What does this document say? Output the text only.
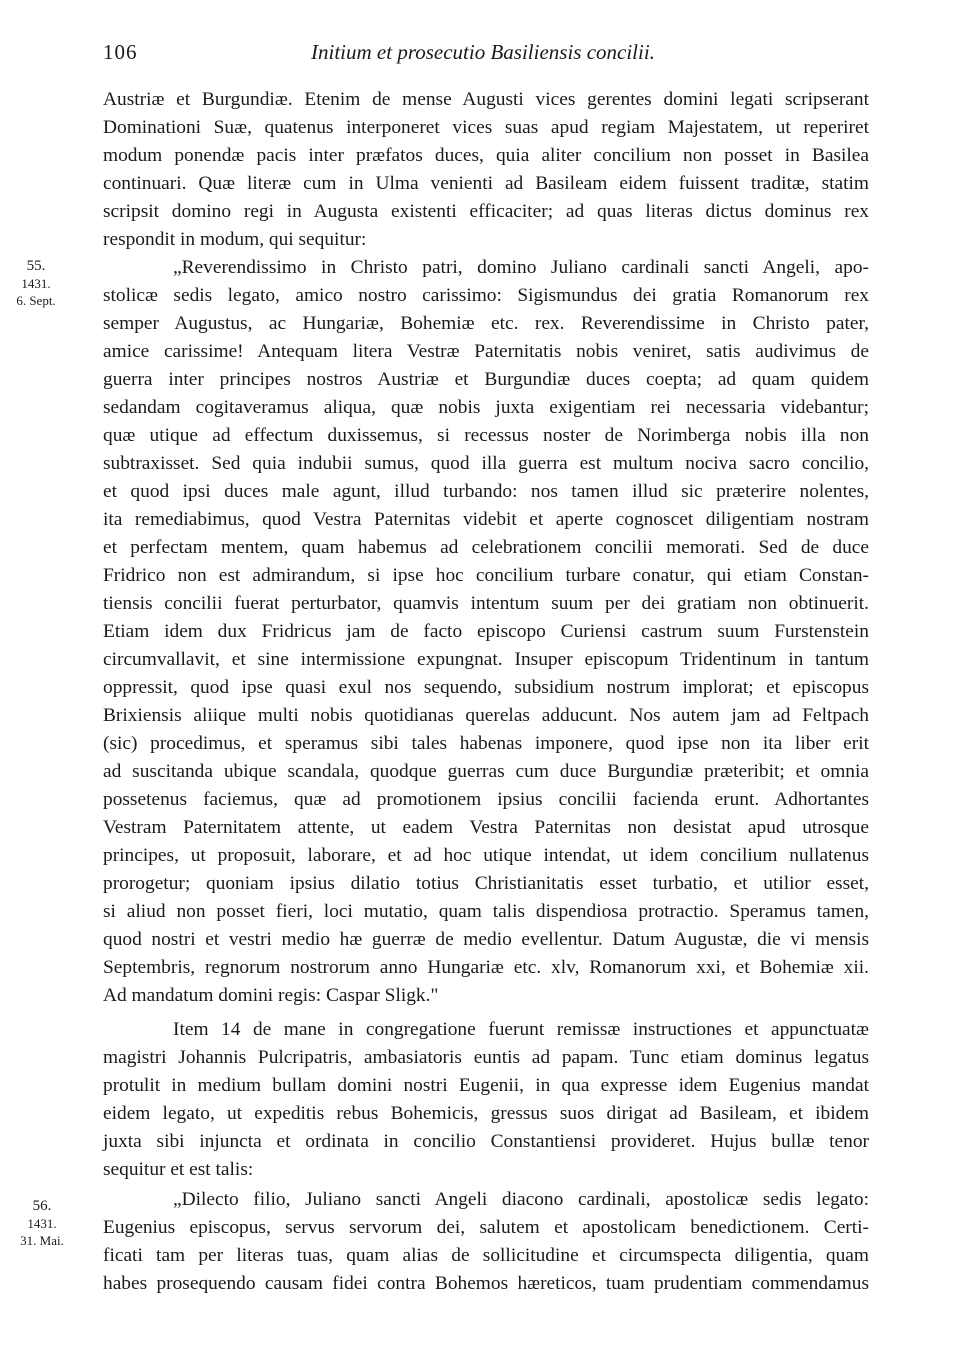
106	Initium et prosecutio Basiliensis concilii.
55.
1431.
6. Sept.
56.
1431.
31. Mai.
Austriæ et Burgundiæ. Etenim de mense Augusti vices gerentes domini legati scripserant
Dominationi Suæ, quatenus interponeret vices suas apud regiam Majestatem, ut reperiret
modum ponendæ pacis inter præfatos duces, quia aliter concilium non posset in Basilea
continuari. Quæ literæ cum in Ulma venienti ad Basileam eidem fuissent traditæ, statim
scripsit domino regi in Augusta existenti efficaciter; ad quas literas dictus dominus rex
respondit in modum, qui sequitur:
„Reverendissimo in Christo patri, domino Juliano cardinali sancti Angeli, apo-
stolicæ sedis legato, amico nostro carissimo: Sigismundus dei gratia Romanorum rex
semper Augustus, ac Hungariæ, Bohemiæ etc. rex. Reverendissime in Christo pater,
amice carissime! Antequam litera Vestræ Paternitatis nobis veniret, satis audivimus de
guerra inter principes nostros Austriæ et Burgundiæ duces coepta; ad quam quidem
sedandam cogitaveramus aliqua, quæ nobis juxta exigentiam rei necessaria videbantur;
quæ utique ad effectum duxissemus, si recessus noster de Norimberga nobis illa non
subtraxisset. Sed quia indubii sumus, quod illa guerra est multum nociva sacro concilio,
et quod ipsi duces male agunt, illud turbando: nos tamen illud sic præterire nolentes,
ita remediabimus, quod Vestra Paternitas videbit et aperte cognoscet diligentiam nostram
et perfectam mentem, quam habemus ad celebrationem concilii memorati. Sed de duce
Fridrico non est admirandum, si ipse hoc concilium turbare conatur, qui etiam Constan-
tiensis concilii fuerat perturbator, quamvis intentum suum per dei gratiam non obtinuerit.
Etiam idem dux Fridricus jam de facto episcopo Curiensi castrum suum Furstenstein
circumvallavit, et sine intermissione expungnat. Insuper episcopum Tridentinum in tantum
oppressit, quod ipse quasi exul nos sequendo, subsidium nostrum implorat; et episcopus
Brixiensis aliique multi nobis quotidianas querelas adducunt. Nos autem jam ad Feltpach
(sic) procedimus, et speramus sibi tales habenas imponere, quod ipse non ita liber erit
ad suscitanda ubique scandala, quodque guerras cum duce Burgundiæ præteribit; et omnia
possetenus faciemus, quæ ad promotionem ipsius concilii facienda erunt. Adhortantes
Vestram Paternitatem attente, ut eadem Vestra Paternitas non desistat apud utrosque
principes, ut proposuit, laborare, et ad hoc utique intendat, ut idem concilium nullatenus
prorogetur; quoniam ipsius dilatio totius Christianitatis esset turbatio, et utilior esset,
si aliud non posset fieri, loci mutatio, quam talis dispendiosa protractio. Speramus tamen,
quod nostri et vestri medio hæ guerræ de medio evellentur. Datum Augustæ, die vi mensis
Septembris, regnorum nostrorum anno Hungariæ etc. xlv, Romanorum xxi, et Bohemiæ xii.
Ad mandatum domini regis: Caspar Sligk."
Item 14 de mane in congregatione fuerunt remissæ instructiones et appunctuatæ
magistri Johannis Pulcripatris, ambasiatoris euntis ad papam. Tunc etiam dominus legatus
protulit in medium bullam domini nostri Eugenii, in qua expresse idem Eugenius mandat
eidem legato, ut expeditis rebus Bohemicis, gressus suos dirigat ad Basileam, et ibidem
juxta sibi injuncta et ordinata in concilio Constantiensi provideret. Hujus bullæ tenor
sequitur et est talis:
„Dilecto filio, Juliano sancti Angeli diacono cardinali, apostolicæ sedis legato:
Eugenius episcopus, servus servorum dei, salutem et apostolicam benedictionem. Certi-
ficati tam per literas tuas, quam alias de sollicitudine et circumspecta diligentia, quam
habes prosequendo causam fidei contra Bohemos hæreticos, tuam prudentiam commendamus
